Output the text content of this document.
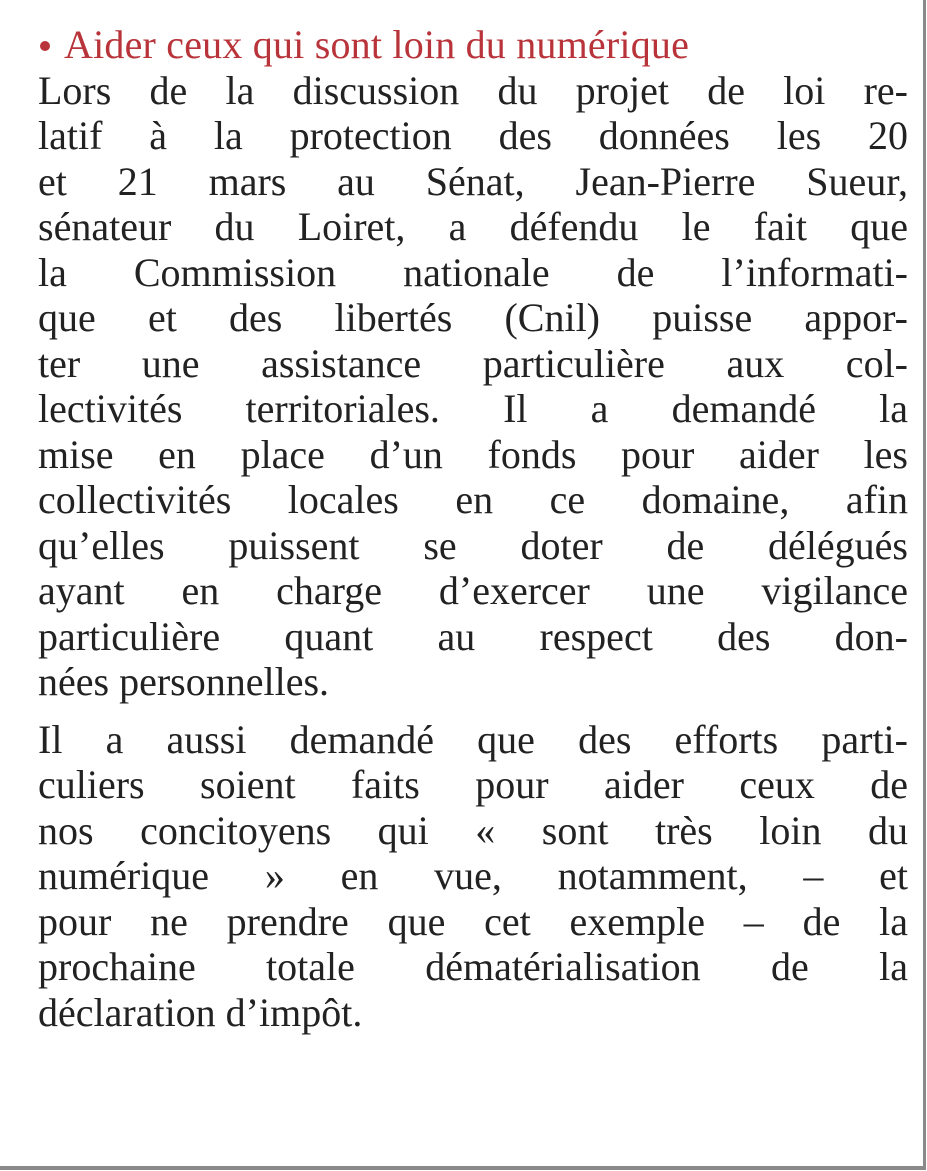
Aider ceux qui sont loin du numérique
Lors de la discussion du projet de loi re-
latif à la protection des données les 20
et 21 mars au Sénat, Jean-Pierre Sueur,
sénateur du Loiret, a défendu le fait que
la Commission nationale de l’informati-
que et des libertés (Cnil) puisse appor-
ter une assistance particulière aux col-
lectivités territoriales. Il a demandé la
mise en place d’un fonds pour aider les
collectivités locales en ce domaine, afin
qu’elles puissent se doter de délégués
ayant en charge d’exercer une vigilance
particulière quant au respect des don-
nées personnelles.
Il a aussi demandé que des efforts parti-
culiers soient faits pour aider ceux de
nos concitoyens qui « sont très loin du
numérique » en vue, notamment, – et
pour ne prendre que cet exemple – de la
prochaine totale dématérialisation de la
déclaration d’impôt.
